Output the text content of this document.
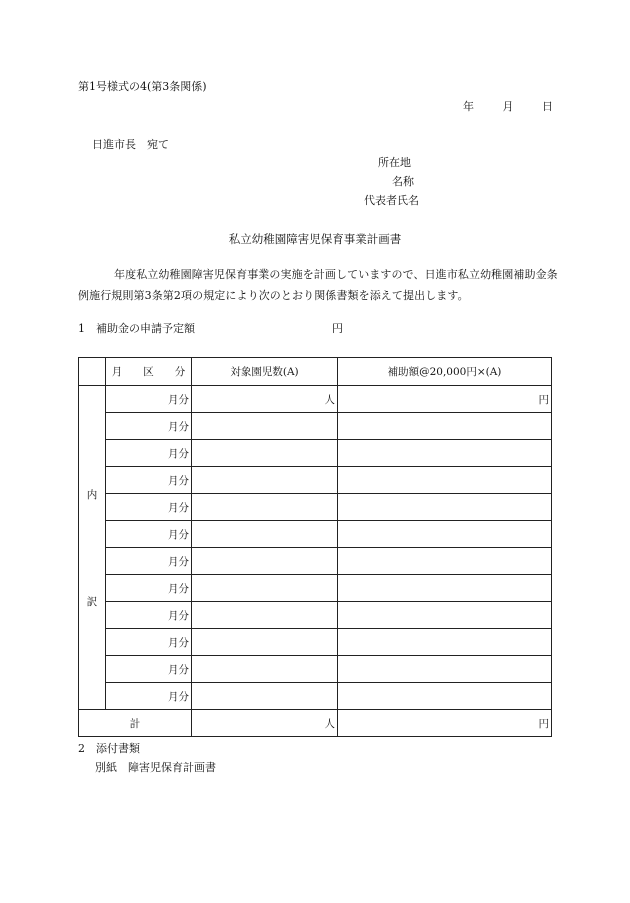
第1号様式の4(第3条関係)
年	月	日
日進市長　宛て
所在地
名称
代表者氏名
私立幼稚園障害児保育事業計画書
年度私立幼稚園障害児保育事業の実施を計画していますので、日進市私立幼稚園補助金条例施行規則第3条第2項の規定により次のとおり関係書類を添えて提出します。
1　補助金の申請予定額	円
	月　　区　　分	対象園児数(A)	補助額@20,000円×(A)

内
訳	月分	人	円
	月分		
	月分		
	月分		
	月分		
	月分		
	月分		
	月分		
	月分		
	月分		
	月分		
	月分		
計		人	円
2　添付書類
別紙　障害児保育計画書
